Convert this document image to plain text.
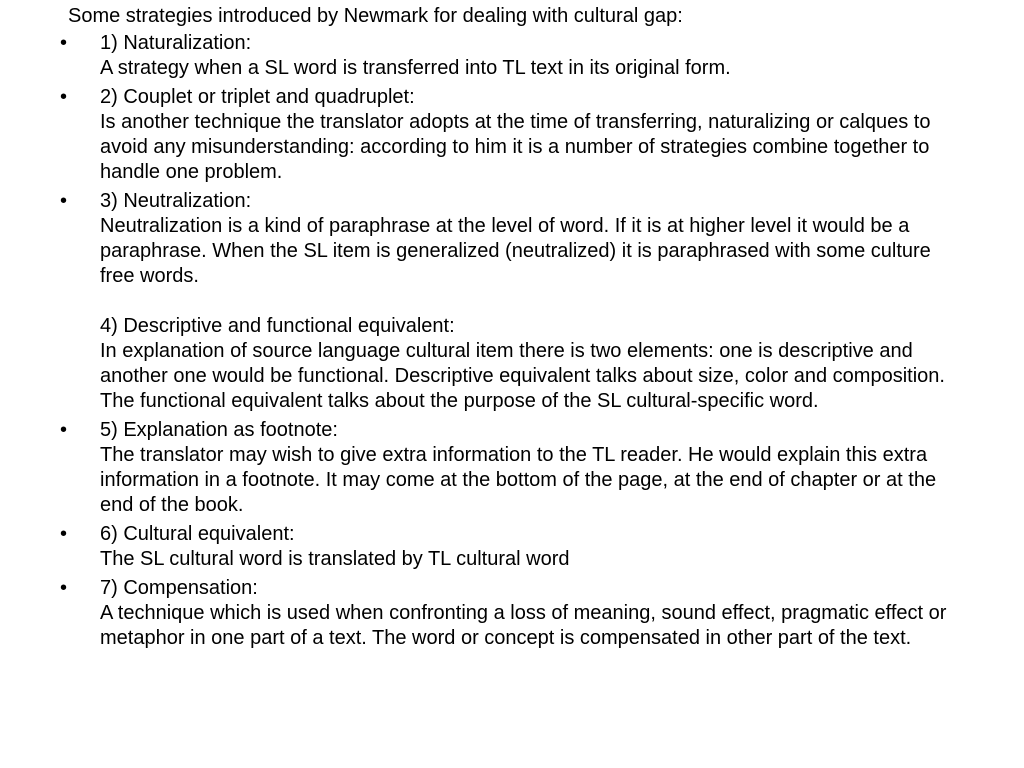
Some strategies introduced by Newmark for dealing with cultural gap:
• 1) Naturalization:
A strategy when a SL word is transferred into TL text in its original form.
• 2) Couplet or triplet and quadruplet:
Is another technique the translator adopts at the time of transferring, naturalizing or calques to avoid any misunderstanding: according to him it is a number of strategies combine together to handle one problem.
• 3) Neutralization:
Neutralization is a kind of paraphrase at the level of word. If it is at higher level it would be a paraphrase. When the SL item is generalized (neutralized) it is paraphrased with some culture free words.
4) Descriptive and functional equivalent:
In explanation of source language cultural item there is two elements: one is descriptive and another one would be functional. Descriptive equivalent talks about size, color and composition. The functional equivalent talks about the purpose of the SL cultural-specific word.
• 5) Explanation as footnote:
The translator may wish to give extra information to the TL reader. He would explain this extra information in a footnote. It may come at the bottom of the page, at the end of chapter or at the end of the book.
• 6) Cultural equivalent:
The SL cultural word is translated by TL cultural word
• 7) Compensation:
A technique which is used when confronting a loss of meaning, sound effect, pragmatic effect or metaphor in one part of a text. The word or concept is compensated in other part of the text.
